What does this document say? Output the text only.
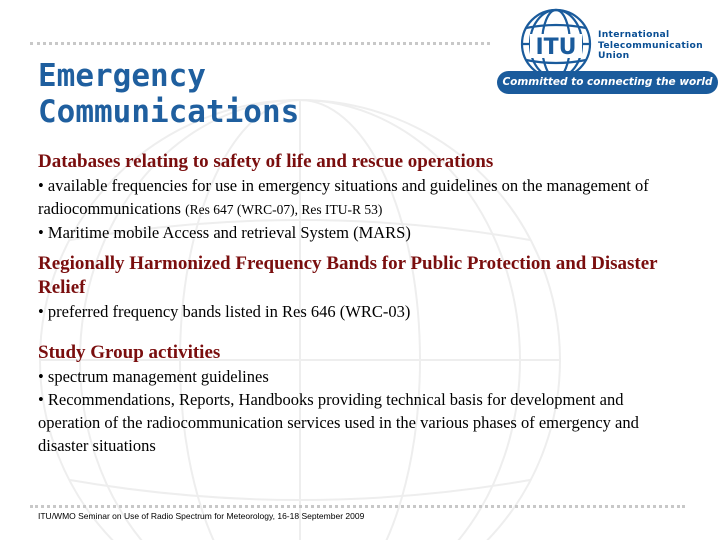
Emergency
Communications
ITU
International
Telecommunication
Union
Committed to connecting the world

Databases relating to safety of life and rescue operations

• available frequencies for use in emergency situations and guidelines on the management of radiocommunications (Res 647 (WRC-07), Res ITU-R 53)

• Maritime mobile Access and retrieval System (MARS)

Regionally Harmonized Frequency Bands for Public Protection and Disaster Relief

• preferred frequency bands listed in Res 646 (WRC-03)

Study Group activities

• spectrum management guidelines

• Recommendations, Reports, Handbooks providing technical basis for development and operation of the radiocommunication services used in the various phases of emergency and disaster situations

ITU/WMO Seminar on Use of Radio Spectrum for Meteorology, 16-18 September 2009
